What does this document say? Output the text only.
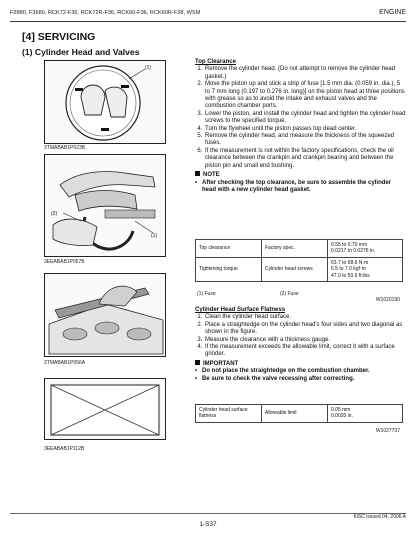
F2880, F3680, RCK72-F36, RCK72R-F36, RCK60-F36, RCK60R-F38, WSM	ENGINE
[4] SERVICING
(1) Cylinder Head and Valves
(1)
3TMABAB1P023B
(2)
(1)
3EEABAB1P057B
3TMABAB1P056A
3EEABAB1P112B
Top Clearance
1. Remove the cylinder head. (Do not attempt to remove the cylinder head gasket.)
2. Move the piston up and stick a strip of fuse [1.5 mm dia. (0.059 in. dia.), 5 to 7 mm long (0.197 to 0.276 in. long)] on the piston head at three positions with grease so as to avoid the intake and exhaust valves and the combustion chamber ports.
3. Lower the piston, and install the cylinder head and tighten the cylinder head screws to the specified torque.
4. Turn the flywheel until the piston passes top dead center.
5. Remove the cylinder head, and measure the thickness of the squeezed fuses.
6. If the measurement is not within the factory specifications, check the oil clearance between the crankpin and crankpin bearing and between the piston pin and small end bushing.
NOTE
• After checking the top clearance, be sure to assemble the cylinder head with a new cylinder head gasket.
Top clearance	Factory spec.	0.55 to 0.70 mm
0.0217 to 0.0276 in.

Tightening torque	Cylinder head screws	63.7 to 68.6 N·m
6.5 to 7.0 kgf·m
47.0 to 50.6 ft-lbs
(1) Fuse	(2) Fuse
W1020190
Cylinder Head Surface Flatness
1. Clean the cylinder head surface.
2. Place a straightedge on the cylinder head's four sides and two diagonal as shown in the figure.
3. Measure the clearance with a thickness gauge.
4. If the measurement exceeds the allowable limit, correct it with a surface grinder.
IMPORTANT
• Do not place the straightedge on the combustion chamber.
• Be sure to check the valve recessing after correcting.
Cylinder head surface flatness	Allowable limit	
0.05 mm
0.0020 in.
W1027737
KiSC issued 04, 2006 A
1-S37
